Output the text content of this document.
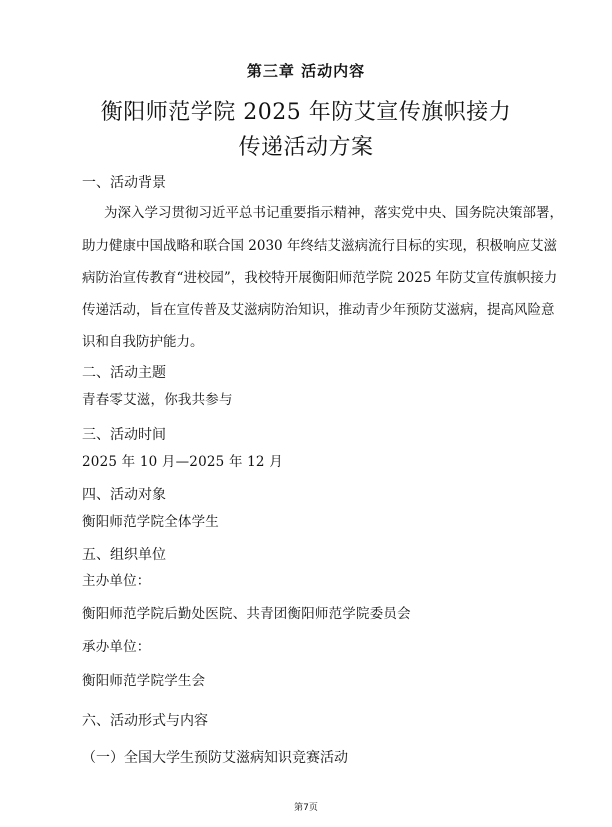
第三章 活动内容
衡阳师范学院 2025 年防艾宣传旗帜接力
传递活动方案
一、活动背景
为深入学习贯彻习近平总书记重要指示精神，落实党中央、国务院决策部署，
助力健康中国战略和联合国 2030 年终结艾滋病流行目标的实现，积极响应艾滋
病防治宣传教育“进校园”，我校特开展衡阳师范学院 2025 年防艾宣传旗帜接力
传递活动，旨在宣传普及艾滋病防治知识，推动青少年预防艾滋病，提高风险意
识和自我防护能力。
二、活动主题
青春零艾滋，你我共参与
三、活动时间
2025 年 10 月—2025 年 12 月
四、活动对象
衡阳师范学院全体学生
五、组织单位
主办单位：
衡阳师范学院后勤处医院、共青团衡阳师范学院委员会
承办单位：
衡阳师范学院学生会
六、活动形式与内容
（一）全国大学生预防艾滋病知识竞赛活动
第7页
